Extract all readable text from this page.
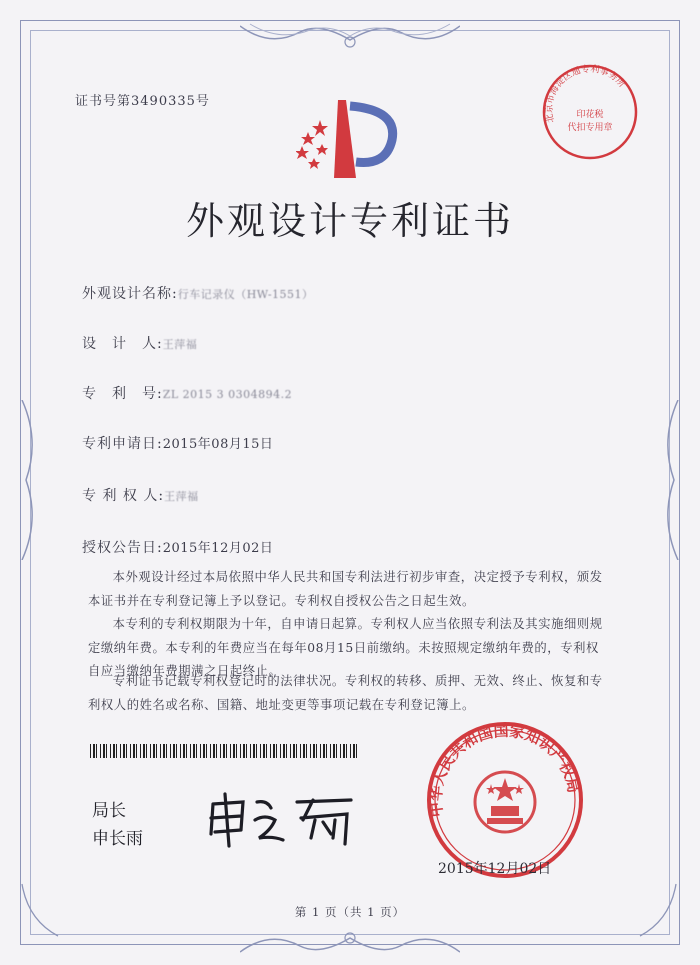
证书号第3490335号
外观设计专利证书
外观设计名称:行车记录仪（HW-1551）
设　计　人:王萍福
专　利　号:ZL 2015 3 0304894.2
专利申请日:2015年08月15日
专 利 权 人:王萍福
授权公告日:2015年12月02日
本外观设计经过本局依照中华人民共和国专利法进行初步审查，决定授予专利权，颁发本证书并在专利登记簿上予以登记。专利权自授权公告之日起生效。
本专利的专利权期限为十年，自申请日起算。专利权人应当依照专利法及其实施细则规定缴纳年费。本专利的年费应当在每年08月15日前缴纳。未按照规定缴纳年费的，专利权自应当缴纳年费期满之日起终止。
专利证书记载专利权登记时的法律状况。专利权的转移、质押、无效、终止、恢复和专利权人的姓名或名称、国籍、地址变更等事项记载在专利登记簿上。
局长
申长雨
中华人民共和国国家知识产权局
2015年12月02日
北京市海淀区通专利事务所
印花税
代扣专用章
第 1 页（共 1 页）
